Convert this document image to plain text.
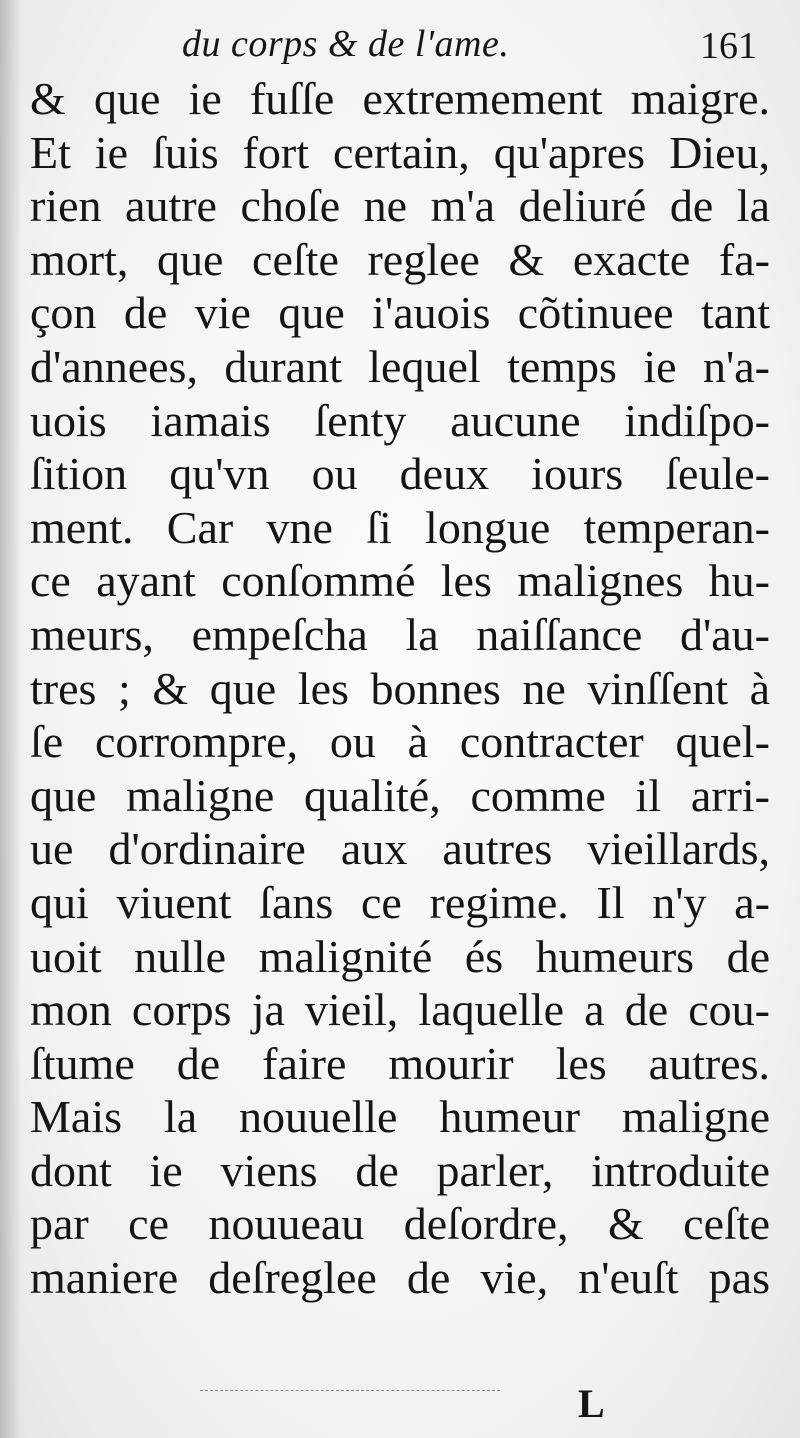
du corps & de l'ame.	161
& que ie fuſſe extremement maigre.
Et ie ſuis fort certain, qu'apres Dieu,
rien autre choſe ne m'a deliuré de la
mort, que ceſte reglee & exacte fa-
çon de vie que i'auois cõtinuee tant
d'annees, durant lequel temps ie n'a-
uois iamais ſenty aucune indiſpo-
ſition qu'vn ou deux iours ſeule-
ment. Car vne ſi longue temperan-
ce ayant conſommé les malignes hu-
meurs, empeſcha la naiſſance d'au-
tres ; & que les bonnes ne vinſſent à
ſe corrompre, ou à contracter quel-
que maligne qualité, comme il arri-
ue d'ordinaire aux autres vieillards,
qui viuent ſans ce regime. Il n'y a-
uoit nulle malignité és humeurs de
mon corps ja vieil, laquelle a de cou-
ſtume de faire mourir les autres.
Mais la nouuelle humeur maligne
dont ie viens de parler, introduite
par ce nouueau deſordre, & ceſte
maniere deſreglee de vie, n'euſt pas
L
